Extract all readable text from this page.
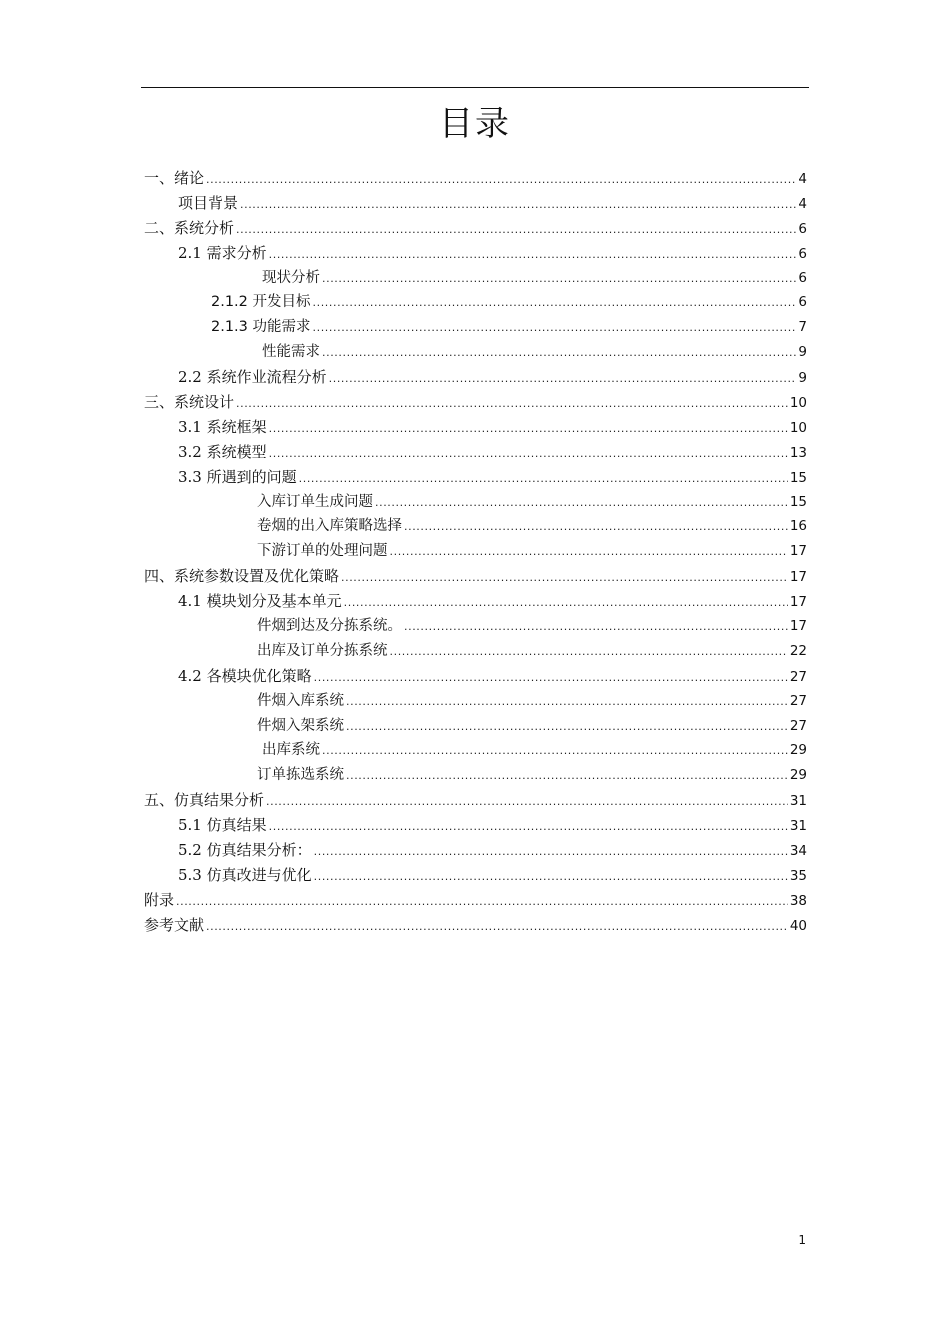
目录
一、绪论 .....	4
项目背景 .....	4
二、系统分析 .....	6
2.1 需求分析 .....	6
现状分析 .....	6
2.1.2 开发目标 .....	6
2.1.3 功能需求 .....	7
性能需求 .....	9
2.2 系统作业流程分析 .....	9
三、系统设计 .....	10
3.1 系统框架 .....	10
3.2 系统模型 .....	13
3.3 所遇到的问题 .....	15
入库订单生成问题 .....	15
卷烟的出入库策略选择 .....	16
下游订单的处理问题 .....	17
四、系统参数设置及优化策略 .....	17
4.1 模块划分及基本单元 .....	17
件烟到达及分拣系统。 .....	17
出库及订单分拣系统 .....	22
4.2 各模块优化策略 .....	27
件烟入库系统 .....	27
件烟入架系统 .....	27
出库系统 .....	29
订单拣选系统 .....	29
五、仿真结果分析 .....	31
5.1 仿真结果 .....	31
5.2 仿真结果分析： .....	34
5.3 仿真改进与优化 .....	35
附录 .....	38
参考文献 .....	40
1
